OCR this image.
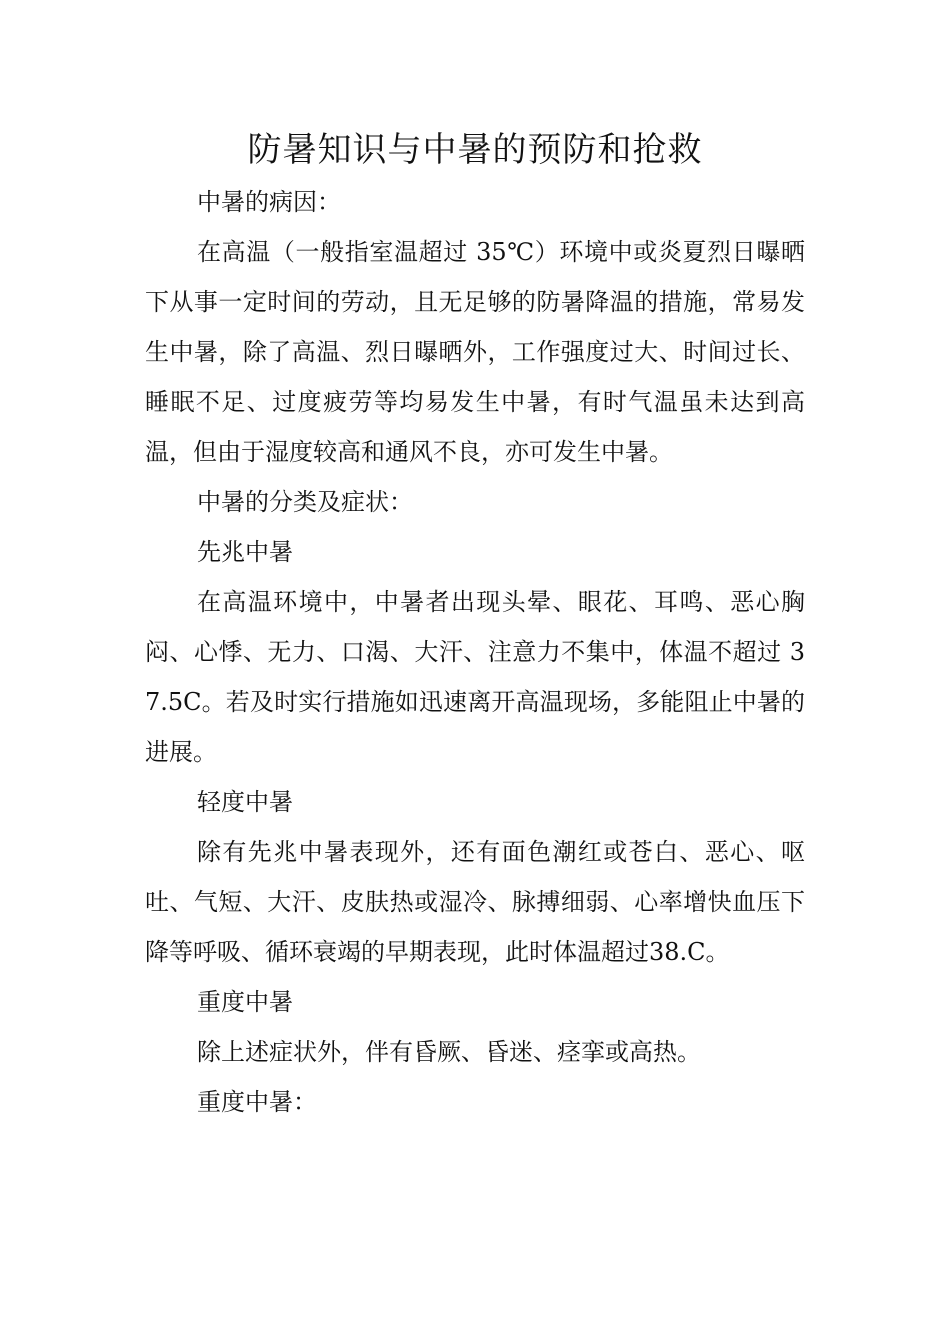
防暑知识与中暑的预防和抢救

中暑的病因：

在高温（一般指室温超过 35℃）环境中或炎夏烈日曝晒下从事一定时间的劳动，且无足够的防暑降温的措施，常易发生中暑，除了高温、烈日曝晒外，工作强度过大、时间过长、睡眠不足、过度疲劳等均易发生中暑，有时气温虽未达到高温，但由于湿度较高和通风不良，亦可发生中暑。

中暑的分类及症状：

先兆中暑

在高温环境中，中暑者出现头晕、眼花、耳鸣、恶心胸闷、心悸、无力、口渴、大汗、注意力不集中，体温不超过 37.5C。若及时实行措施如迅速离开高温现场，多能阻止中暑的进展。

轻度中暑

除有先兆中暑表现外，还有面色潮红或苍白、恶心、呕吐、气短、大汗、皮肤热或湿冷、脉搏细弱、心率增快血压下降等呼吸、循环衰竭的早期表现，此时体温超过38.C。

重度中暑

除上述症状外，伴有昏厥、昏迷、痉挛或高热。

重度中暑：
